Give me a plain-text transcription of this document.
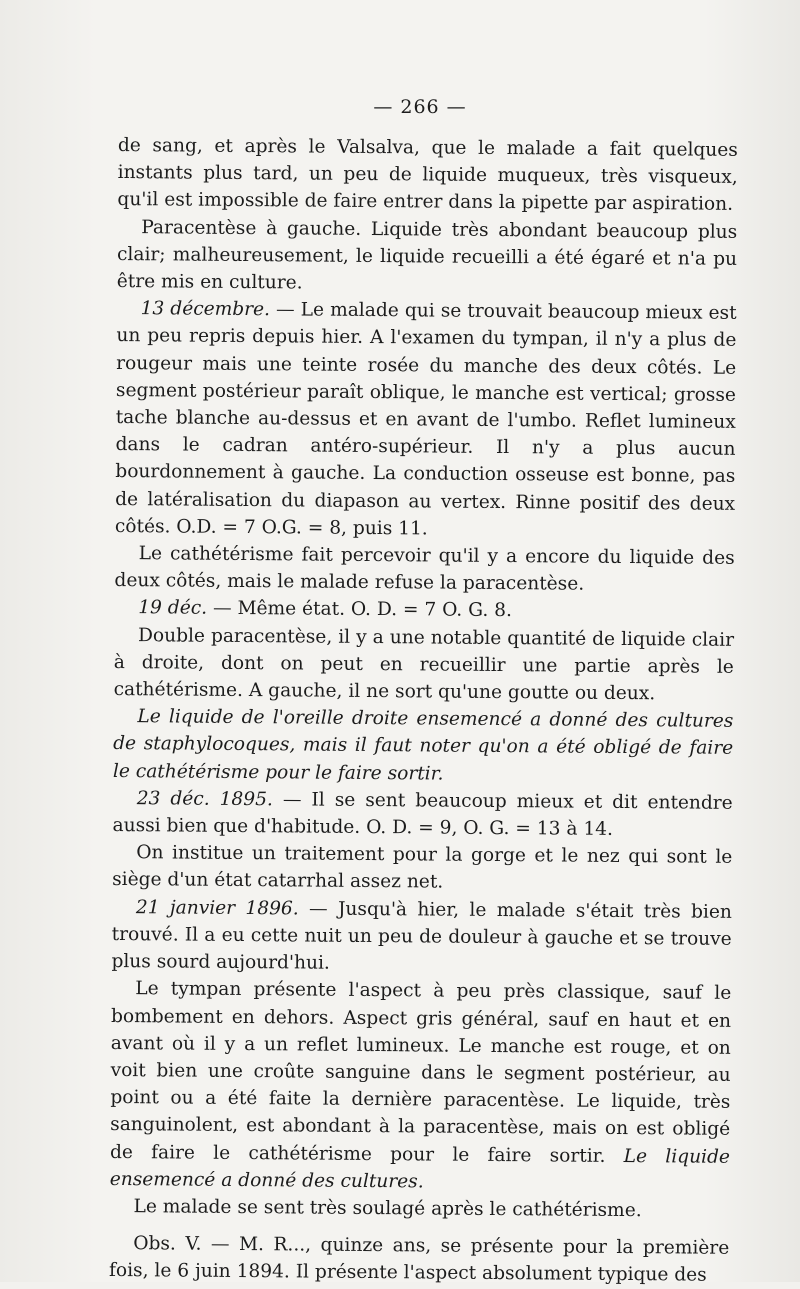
— 266 —

de sang, et après le Valsalva, que le malade a fait quelques instants plus tard, un peu de liquide muqueux, très visqueux, qu'il est impossible de faire entrer dans la pipette par aspiration.

Paracentèse à gauche. Liquide très abondant beaucoup plus clair; malheureusement, le liquide recueilli a été égaré et n'a pu être mis en culture.

13 décembre. — Le malade qui se trouvait beaucoup mieux est un peu repris depuis hier. A l'examen du tympan, il n'y a plus de rougeur mais une teinte rosée du manche des deux côtés. Le segment postérieur paraît oblique, le manche est vertical; grosse tache blanche au-dessus et en avant de l'umbo. Reflet lumineux dans le cadran antéro-supérieur. Il n'y a plus aucun bourdonnement à gauche. La conduction osseuse est bonne, pas de latéralisation du diapason au vertex. Rinne positif des deux côtés. O.D. = 7 O.G. = 8, puis 11.

Le cathétérisme fait percevoir qu'il y a encore du liquide des deux côtés, mais le malade refuse la paracentèse.

19 déc. — Même état. O. D. = 7 O. G. 8.

Double paracentèse, il y a une notable quantité de liquide clair à droite, dont on peut en recueillir une partie après le cathétérisme. A gauche, il ne sort qu'une goutte ou deux.

Le liquide de l'oreille droite ensemencé a donné des cultures de staphylocoques, mais il faut noter qu'on a été obligé de faire le cathétérisme pour le faire sortir.

23 déc. 1895. — Il se sent beaucoup mieux et dit entendre aussi bien que d'habitude. O. D. = 9, O. G. = 13 à 14.

On institue un traitement pour la gorge et le nez qui sont le siège d'un état catarrhal assez net.

21 janvier 1896. — Jusqu'à hier, le malade s'était très bien trouvé. Il a eu cette nuit un peu de douleur à gauche et se trouve plus sourd aujourd'hui.

Le tympan présente l'aspect à peu près classique, sauf le bombement en dehors. Aspect gris général, sauf en haut et en avant où il y a un reflet lumineux. Le manche est rouge, et on voit bien une croûte sanguine dans le segment postérieur, au point ou a été faite la dernière paracentèse. Le liquide, très sanguinolent, est abondant à la paracentèse, mais on est obligé de faire le cathétérisme pour le faire sortir. Le liquide ensemencé a donné des cultures.

Le malade se sent très soulagé après le cathétérisme.

Obs. V. — M. R..., quinze ans, se présente pour la première fois, le 6 juin 1894. Il présente l'aspect absolument typique des
